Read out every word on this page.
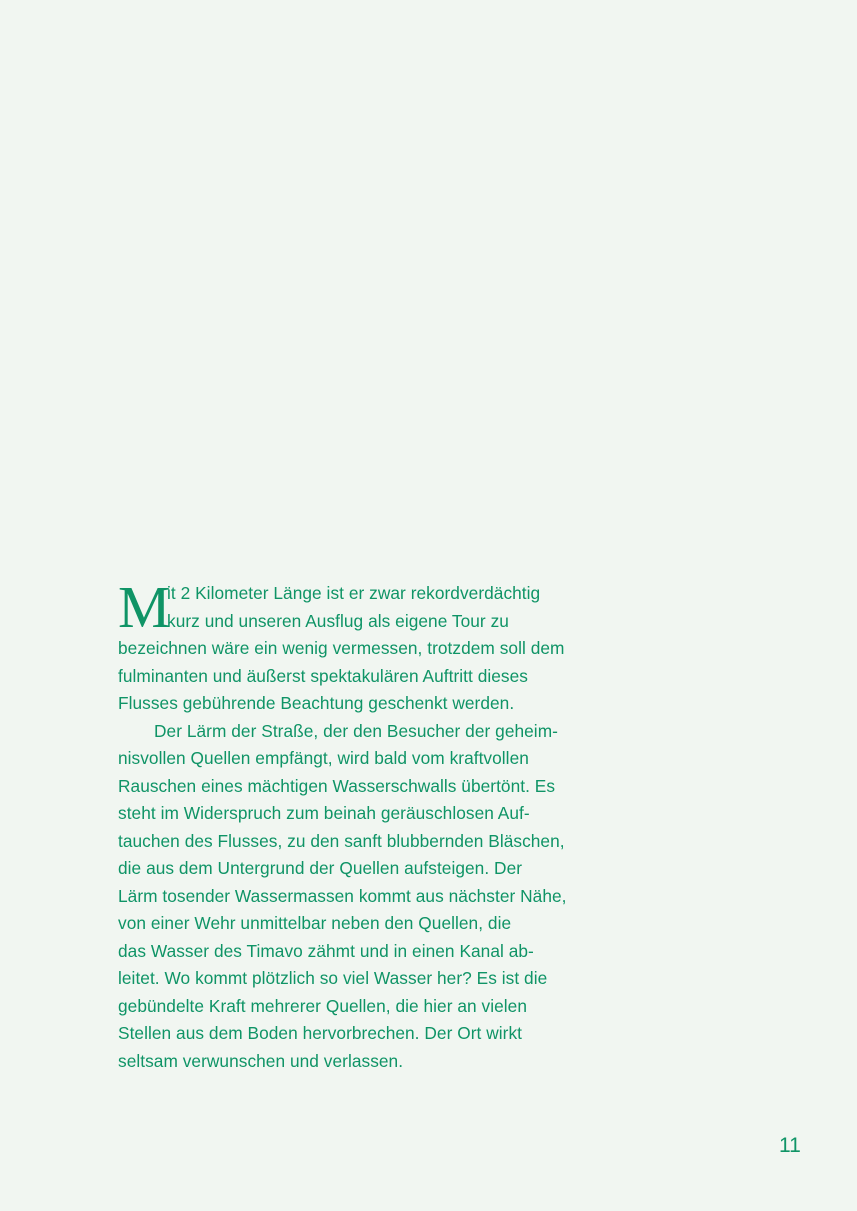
M
it 2 Kilometer Länge ist er zwar rekordverdächtig
kurz und unseren Ausflug als eigene Tour zu
bezeichnen wäre ein wenig vermessen, trotzdem soll dem
fulminanten und äußerst spektakulären Auftritt dieses
Flusses gebührende Beachtung geschenkt werden.
Der Lärm der Straße, der den Besucher der geheim-
nisvollen Quellen empfängt, wird bald vom kraftvollen
Rauschen eines mächtigen Wasserschwalls übertönt. Es
steht im Widerspruch zum beinah geräuschlosen Auf-
tauchen des Flusses, zu den sanft blubbernden Bläschen,
die aus dem Untergrund der Quellen aufsteigen. Der
Lärm tosender Wassermassen kommt aus nächster Nähe,
von einer Wehr unmittelbar neben den Quellen, die
das Wasser des Timavo zähmt und in einen Kanal ab-
leitet. Wo kommt plötzlich so viel Wasser her? Es ist die
gebündelte Kraft mehrerer Quellen, die hier an vielen
Stellen aus dem Boden hervorbrechen. Der Ort wirkt
seltsam verwunschen und verlassen.
11
